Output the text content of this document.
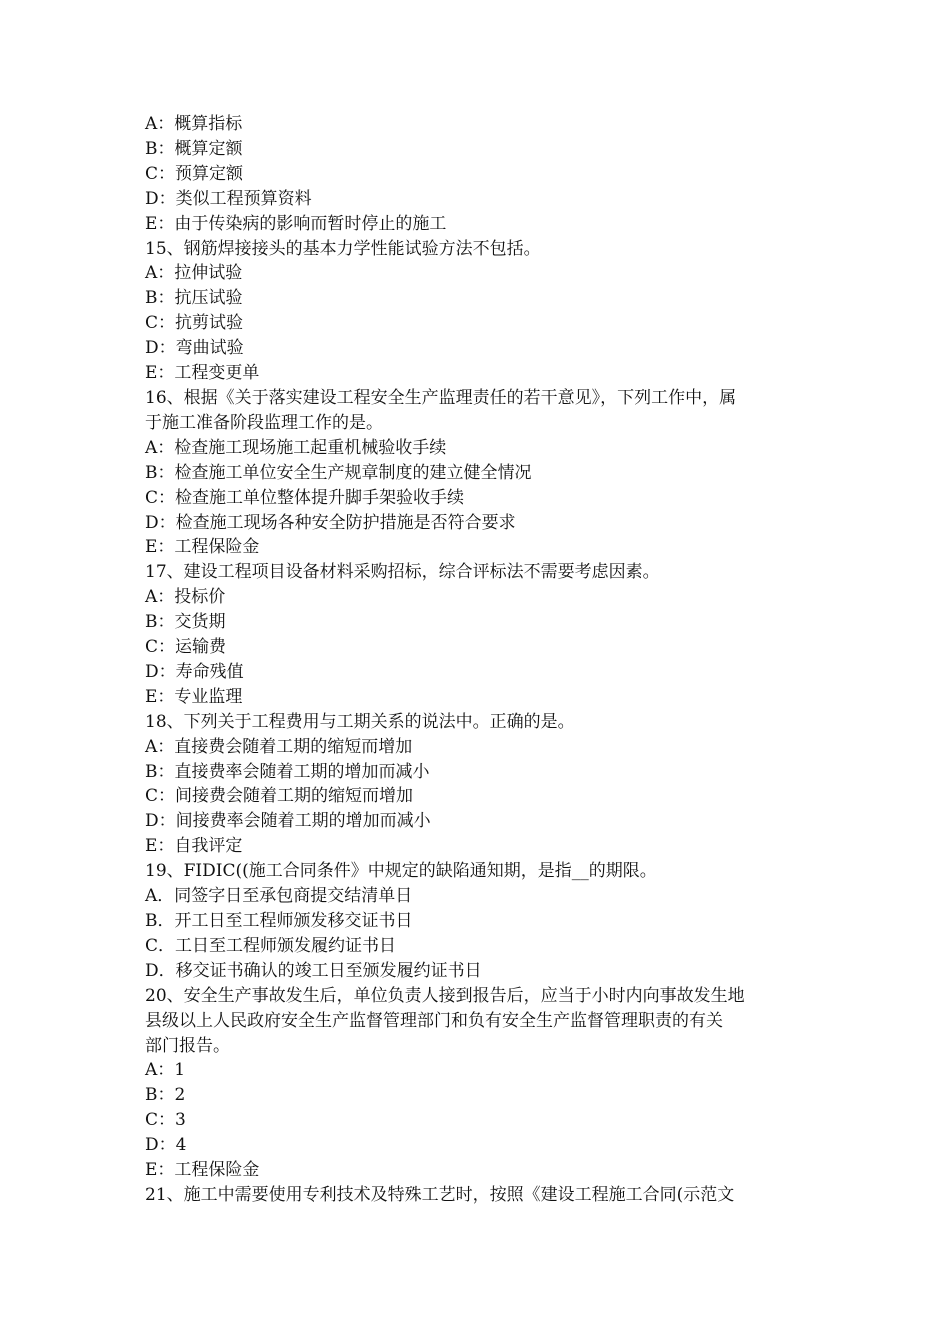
A：概算指标
B：概算定额
C：预算定额
D：类似工程预算资料
E：由于传染病的影响而暂时停止的施工
15、钢筋焊接接头的基本力学性能试验方法不包括。
A：拉伸试验
B：抗压试验
C：抗剪试验
D：弯曲试验
E：工程变更单
16、根据《关于落实建设工程安全生产监理责任的若干意见》，下列工作中，属
于施工准备阶段监理工作的是。
A：检查施工现场施工起重机械验收手续
B：检查施工单位安全生产规章制度的建立健全情况
C：检查施工单位整体提升脚手架验收手续
D：检查施工现场各种安全防护措施是否符合要求
E：工程保险金
17、建设工程项目设备材料采购招标，综合评标法不需要考虑因素。
A：投标价
B：交货期
C：运输费
D：寿命残值
E：专业监理
18、下列关于工程费用与工期关系的说法中。正确的是。
A：直接费会随着工期的缩短而增加
B：直接费率会随着工期的增加而减小
C：间接费会随着工期的缩短而增加
D：间接费率会随着工期的增加而减小
E：自我评定
19、FIDIC((施工合同条件》中规定的缺陷通知期，是指__的期限。
A．同签字日至承包商提交结清单日
B．开工日至工程师颁发移交证书日
C．工日至工程师颁发履约证书日
D．移交证书确认的竣工日至颁发履约证书日
20、安全生产事故发生后，单位负责人接到报告后，应当于小时内向事故发生地
县级以上人民政府安全生产监督管理部门和负有安全生产监督管理职责的有关
部门报告。
A：1
B：2
C：3
D：4
E：工程保险金
21、施工中需要使用专利技术及特殊工艺时，按照《建设工程施工合同(示范文
